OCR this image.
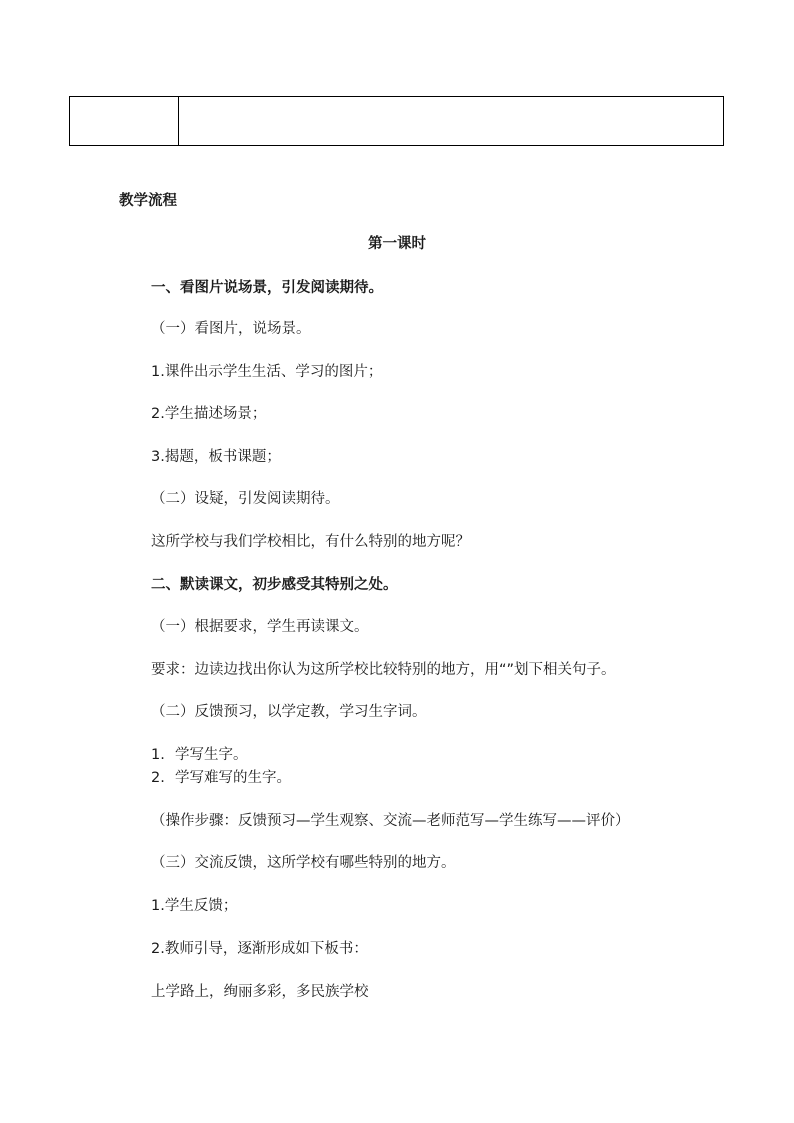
教学流程
第一课时
一、看图片说场景，引发阅读期待。
（一）看图片，说场景。
1.课件出示学生生活、学习的图片；
2.学生描述场景；
3.揭题，板书课题；
（二）设疑，引发阅读期待。
这所学校与我们学校相比，有什么特别的地方呢？
二、默读课文，初步感受其特别之处。
（一）根据要求，学生再读课文。
要求：边读边找出你认为这所学校比较特别的地方，用“”划下相关句子。
（二）反馈预习，以学定教，学习生字词。
1. 学写生字。
2. 学写难写的生字。
（操作步骤：反馈预习—学生观察、交流—老师范写—学生练写——评价）
（三）交流反馈，这所学校有哪些特别的地方。
1.学生反馈；
2.教师引导，逐渐形成如下板书：
上学路上，绚丽多彩，多民族学校
